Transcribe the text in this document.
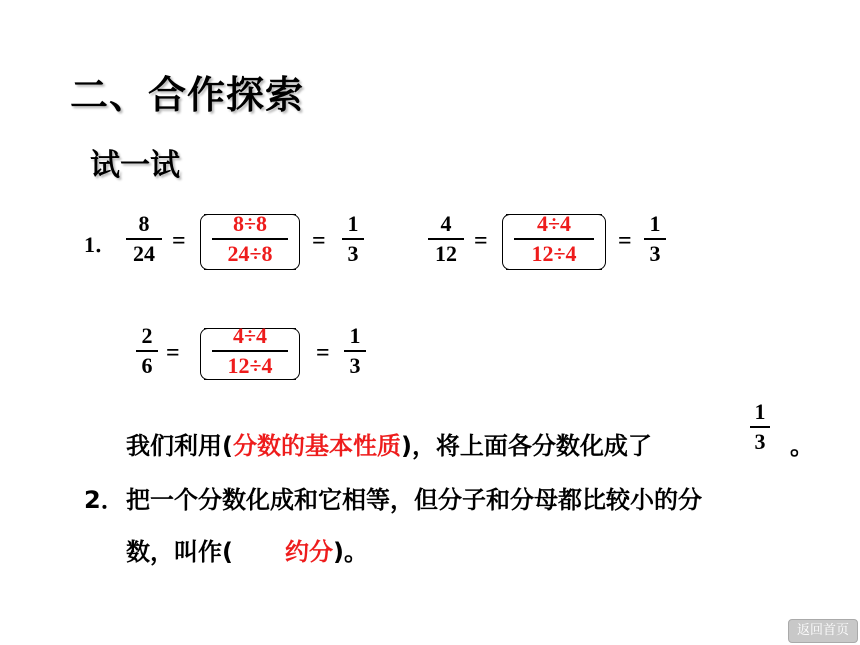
二、合作探索
试一试
1．
8
24 =
8÷8
24÷8 =
1
3
4
12 =
4÷4
12÷4 =
1
3
2
6 =
4÷4
12÷4 =
1
3
我们利用(分数的基本性质)，将上面各分数化成了
1
3 。
2． 把一个分数化成和它相等，但分子和分母都比较小的分
数，叫作( 约分)。
返回首页
